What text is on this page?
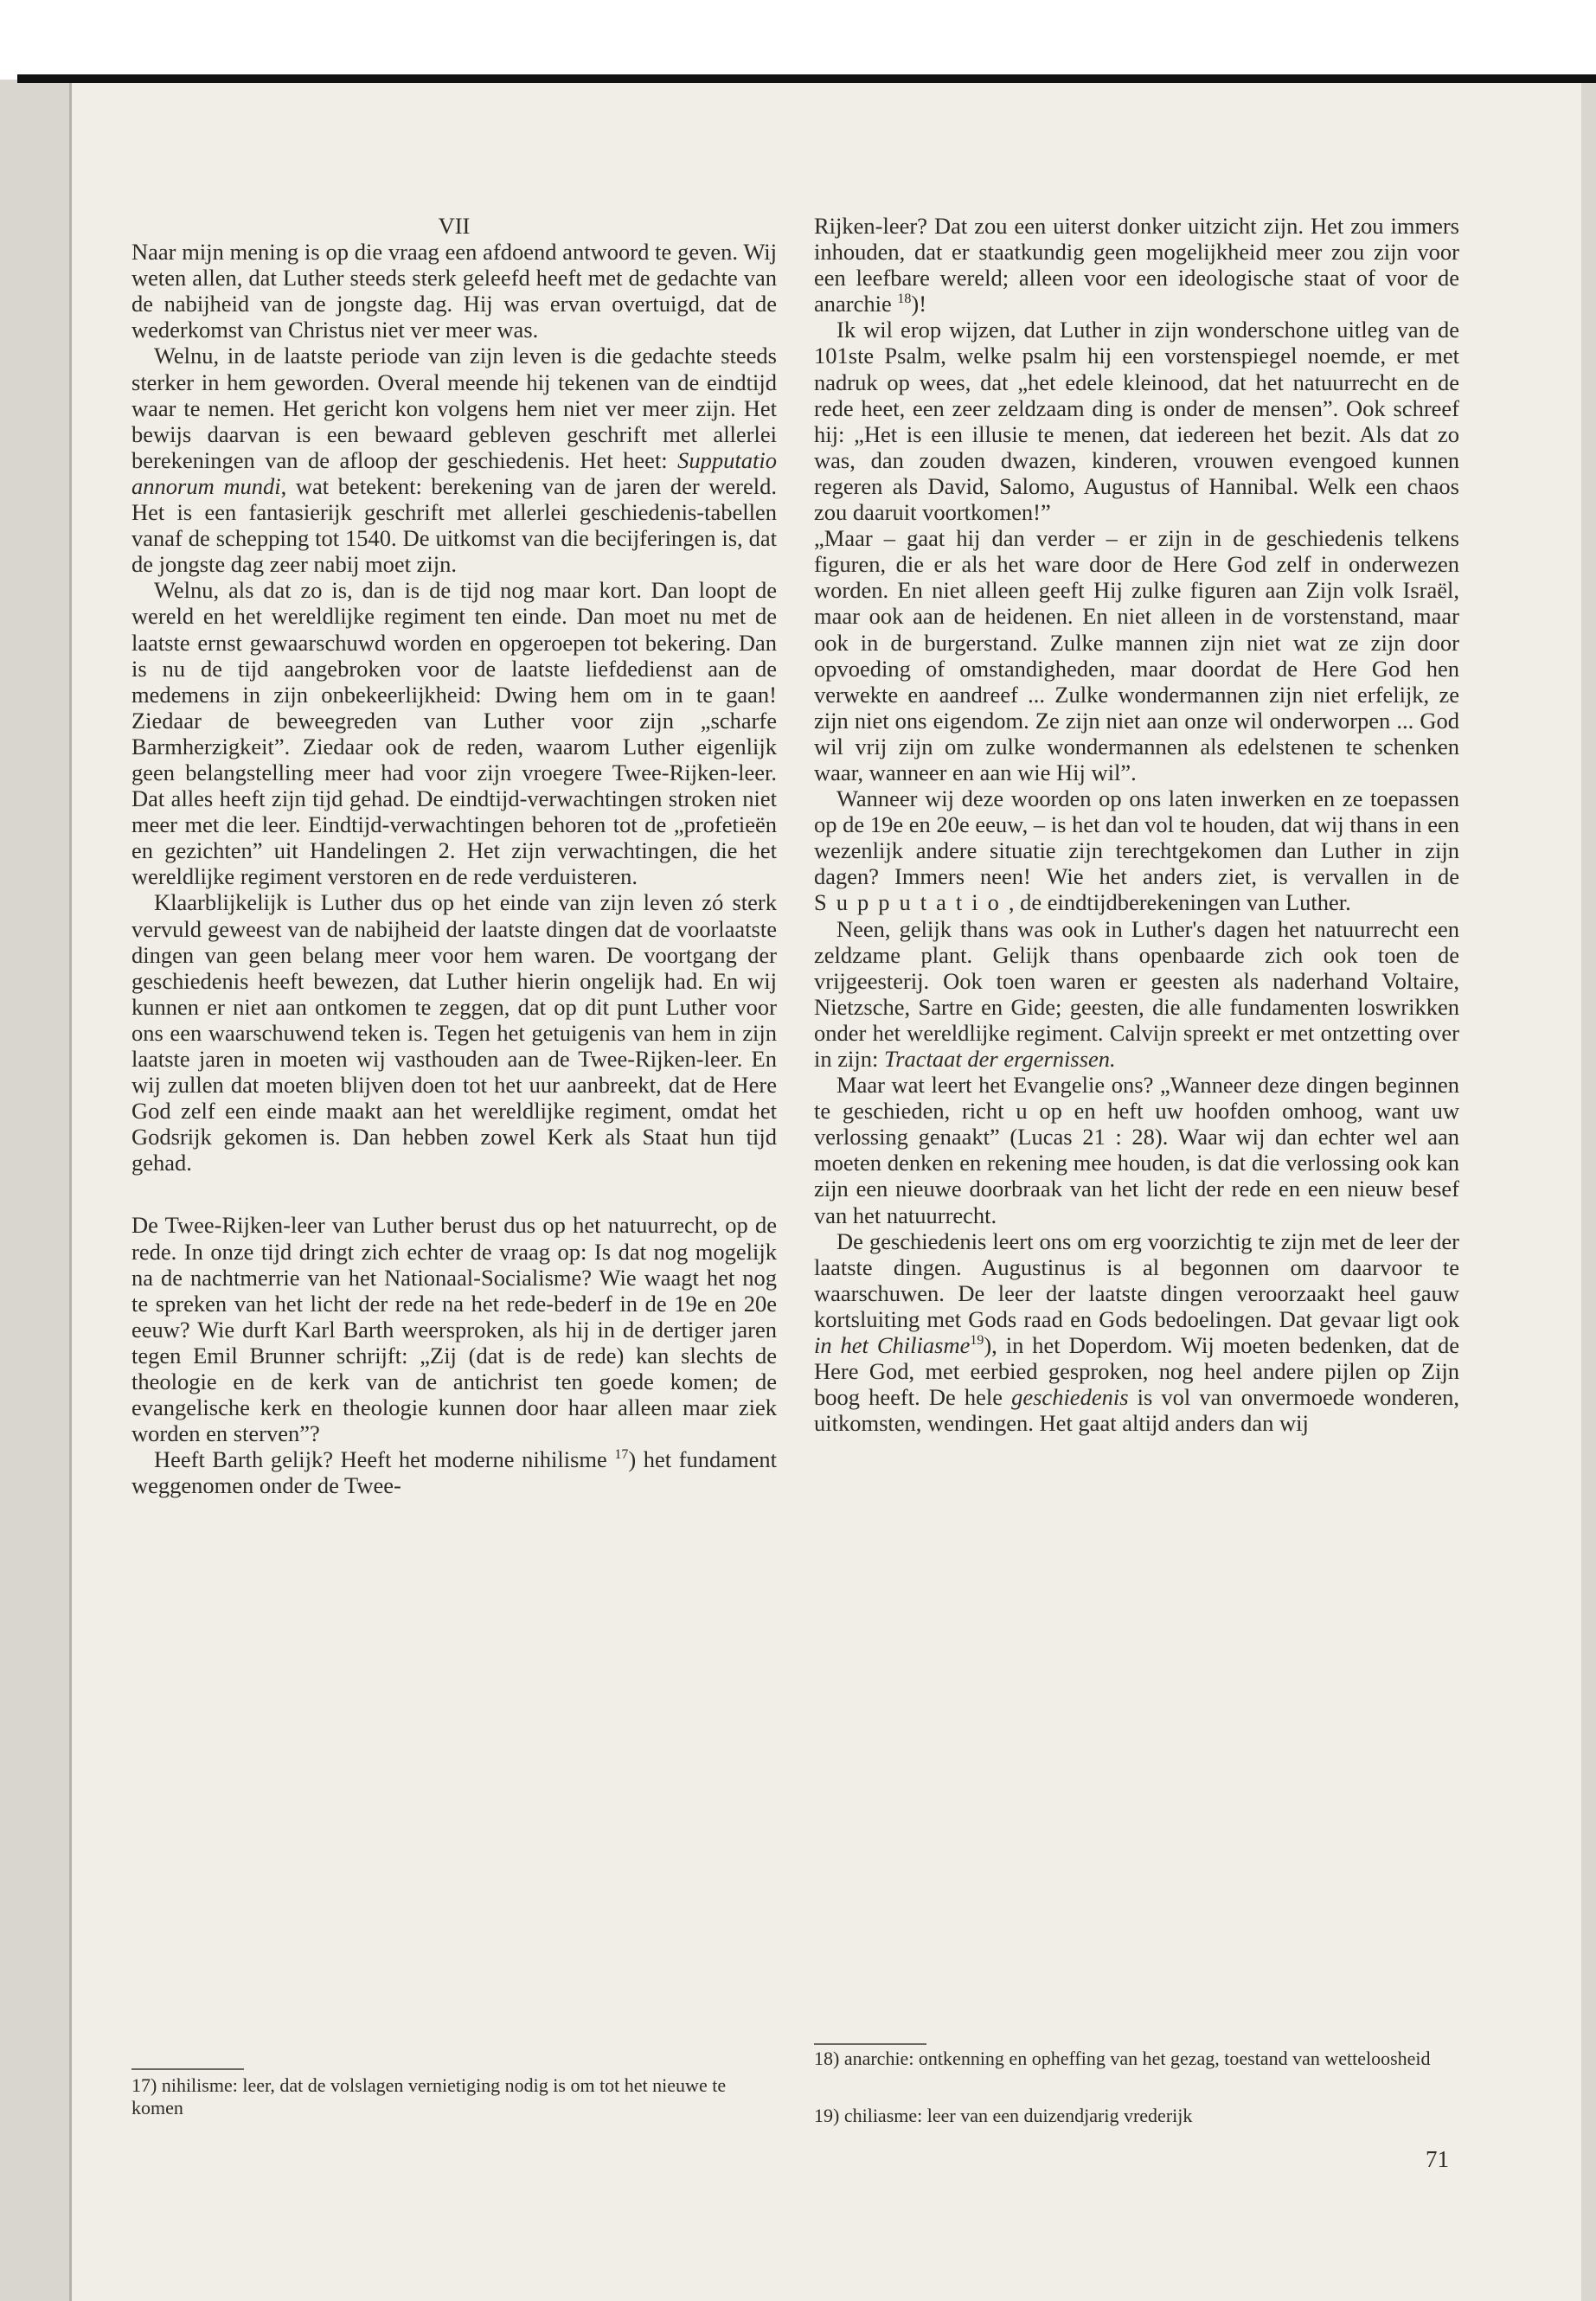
VII

Naar mijn mening is op die vraag een afdoend antwoord te geven. Wij weten allen, dat Luther steeds sterk geleefd heeft met de gedachte van de nabijheid van de jongste dag. Hij was ervan overtuigd, dat de wederkomst van Christus niet ver meer was.

Welnu, in de laatste periode van zijn leven is die gedachte steeds sterker in hem geworden. Overal meende hij tekenen van de eindtijd waar te nemen. Het gericht kon volgens hem niet ver meer zijn. Het bewijs daarvan is een bewaard gebleven geschrift met allerlei berekeningen van de afloop der geschiedenis. Het heet: Supputatio annorum mundi, wat betekent: berekening van de jaren der wereld. Het is een fantasierijk geschrift met allerlei geschiedenis-tabellen vanaf de schepping tot 1540. De uitkomst van die becijferingen is, dat de jongste dag zeer nabij moet zijn.

Welnu, als dat zo is, dan is de tijd nog maar kort. Dan loopt de wereld en het wereldlijke regiment ten einde. Dan moet nu met de laatste ernst gewaarschuwd worden en opgeroepen tot bekering. Dan is nu de tijd aangebroken voor de laatste liefdedienst aan de medemens in zijn onbekeerlijkheid: Dwing hem om in te gaan! Ziedaar de beweegreden van Luther voor zijn „scharfe Barmherzigkeit”. Ziedaar ook de reden, waarom Luther eigenlijk geen belangstelling meer had voor zijn vroegere Twee-Rijken-leer. Dat alles heeft zijn tijd gehad. De eindtijd-verwachtingen stroken niet meer met die leer. Eindtijd-verwachtingen behoren tot de „profetieën en gezichten” uit Handelingen 2. Het zijn verwachtingen, die het wereldlijke regiment verstoren en de rede verduisteren.

Klaarblijkelijk is Luther dus op het einde van zijn leven zó sterk vervuld geweest van de nabijheid der laatste dingen dat de voorlaatste dingen van geen belang meer voor hem waren. De voortgang der geschiedenis heeft bewezen, dat Luther hierin ongelijk had. En wij kunnen er niet aan ontkomen te zeggen, dat op dit punt Luther voor ons een waarschuwend teken is. Tegen het getuigenis van hem in zijn laatste jaren in moeten wij vasthouden aan de Twee-Rijken-leer. En wij zullen dat moeten blijven doen tot het uur aanbreekt, dat de Here God zelf een einde maakt aan het wereldlijke regiment, omdat het Godsrijk gekomen is. Dan hebben zowel Kerk als Staat hun tijd gehad.

De Twee-Rijken-leer van Luther berust dus op het natuurrecht, op de rede. In onze tijd dringt zich echter de vraag op: Is dat nog mogelijk na de nachtmerrie van het Nationaal-Socialisme? Wie waagt het nog te spreken van het licht der rede na het rede-bederf in de 19e en 20e eeuw? Wie durft Karl Barth weersproken, als hij in de dertiger jaren tegen Emil Brunner schrijft: „Zij (dat is de rede) kan slechts de theologie en de kerk van de antichrist ten goede komen; de evangelische kerk en theologie kunnen door haar alleen maar ziek worden en sterven”?

Heeft Barth gelijk? Heeft het moderne nihilisme $^{17}$) het fundament weggenomen onder de Twee-

Rijken-leer? Dat zou een uiterst donker uitzicht zijn. Het zou immers inhouden, dat er staatkundig geen mogelijkheid meer zou zijn voor een leefbare wereld; alleen voor een ideologische staat of voor de anarchie $^{18}$)!

Ik wil erop wijzen, dat Luther in zijn wonderschone uitleg van de 101ste Psalm, welke psalm hij een vorstenspiegel noemde, er met nadruk op wees, dat „het edele kleinood, dat het natuurrecht en de rede heet, een zeer zeldzaam ding is onder de mensen”. Ook schreef hij: „Het is een illusie te menen, dat iedereen het bezit. Als dat zo was, dan zouden dwazen, kinderen, vrouwen evengoed kunnen regeren als David, Salomo, Augustus of Hannibal. Welk een chaos zou daaruit voortkomen!”

„Maar – gaat hij dan verder – er zijn in de geschiedenis telkens figuren, die er als het ware door de Here God zelf in onderwezen worden. En niet alleen geeft Hij zulke figuren aan Zijn volk Israël, maar ook aan de heidenen. En niet alleen in de vorstenstand, maar ook in de burgerstand. Zulke mannen zijn niet wat ze zijn door opvoeding of omstandigheden, maar doordat de Here God hen verwekte en aandreef ... Zulke wondermannen zijn niet erfelijk, ze zijn niet ons eigendom. Ze zijn niet aan onze wil onderworpen ... God wil vrij zijn om zulke wondermannen als edelstenen te schenken waar, wanneer en aan wie Hij wil”.

Wanneer wij deze woorden op ons laten inwerken en ze toepassen op de 19e en 20e eeuw, – is het dan vol te houden, dat wij thans in een wezenlijk andere situatie zijn terechtgekomen dan Luther in zijn dagen? Immers neen! Wie het anders ziet, is vervallen in de Supputatio, de eindtijdberekeningen van Luther.

Neen, gelijk thans was ook in Luther's dagen het natuurrecht een zeldzame plant. Gelijk thans openbaarde zich ook toen de vrijgeesterij. Ook toen waren er geesten als naderhand Voltaire, Nietzsche, Sartre en Gide; geesten, die alle fundamenten loswrikken onder het wereldlijke regiment. Calvijn spreekt er met ontzetting over in zijn: Tractaat der ergernissen.

Maar wat leert het Evangelie ons? „Wanneer deze dingen beginnen te geschieden, richt u op en heft uw hoofden omhoog, want uw verlossing genaakt” (Lucas 21 : 28). Waar wij dan echter wel aan moeten denken en rekening mee houden, is dat die verlossing ook kan zijn een nieuwe doorbraak van het licht der rede en een nieuw besef van het natuurrecht.

De geschiedenis leert ons om erg voorzichtig te zijn met de leer der laatste dingen. Augustinus is al begonnen om daarvoor te waarschuwen. De leer der laatste dingen veroorzaakt heel gauw kortsluiting met Gods raad en Gods bedoelingen. Dat gevaar ligt ook in het Chiliasme$^{19}$), in het Doperdom. Wij moeten bedenken, dat de Here God, met eerbied gesproken, nog heel andere pijlen op Zijn boog heeft. De hele geschiedenis is vol van onvermoede wonderen, uitkomsten, wendingen. Het gaat altijd anders dan wij

17) nihilisme: leer, dat de volslagen vernietiging nodig is om tot het nieuwe te komen
18) anarchie: ontkenning en opheffing van het gezag, toestand van wetteloosheid
19) chiliasme: leer van een duizendjarig vrederijk
71
